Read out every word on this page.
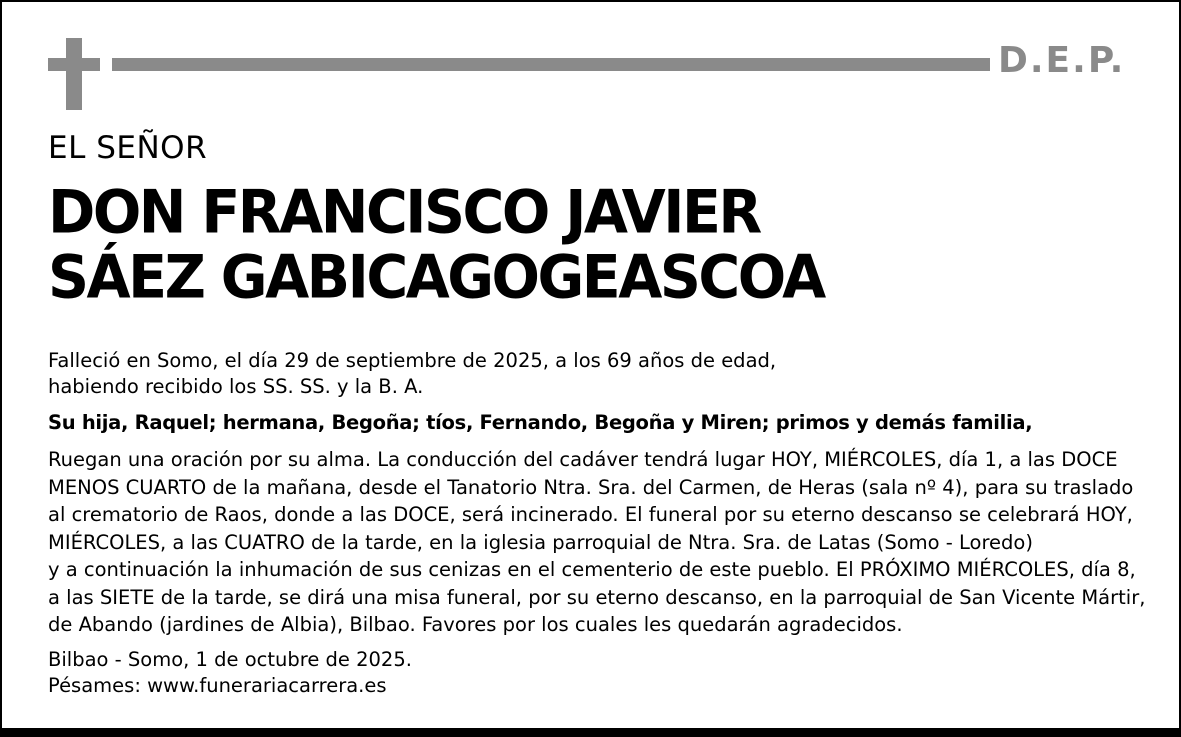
D.E.P.
EL SEÑOR
DON FRANCISCO JAVIER
SÁEZ GABICAGOGEASCOA
Falleció en Somo, el día 29 de septiembre de 2025, a los 69 años de edad,
habiendo recibido los SS. SS. y la B. A.
Su hija, Raquel; hermana, Begoña; tíos, Fernando, Begoña y Miren; primos y demás familia,
Ruegan una oración por su alma. La conducción del cadáver tendrá lugar HOY, MIÉRCOLES, día 1, a las DOCE
MENOS CUARTO de la mañana, desde el Tanatorio Ntra. Sra. del Carmen, de Heras (sala nº 4), para su traslado
al crematorio de Raos, donde a las DOCE, será incinerado. El funeral por su eterno descanso se celebrará HOY,
MIÉRCOLES, a las CUATRO de la tarde, en la iglesia parroquial de Ntra. Sra. de Latas (Somo - Loredo)
y a continuación la inhumación de sus cenizas en el cementerio de este pueblo. El PRÓXIMO MIÉRCOLES, día 8,
a las SIETE de la tarde, se dirá una misa funeral, por su eterno descanso, en la parroquial de San Vicente Mártir,
de Abando (jardines de Albia), Bilbao. Favores por los cuales les quedarán agradecidos.
Bilbao - Somo, 1 de octubre de 2025.
Pésames: www.funerariacarrera.es
